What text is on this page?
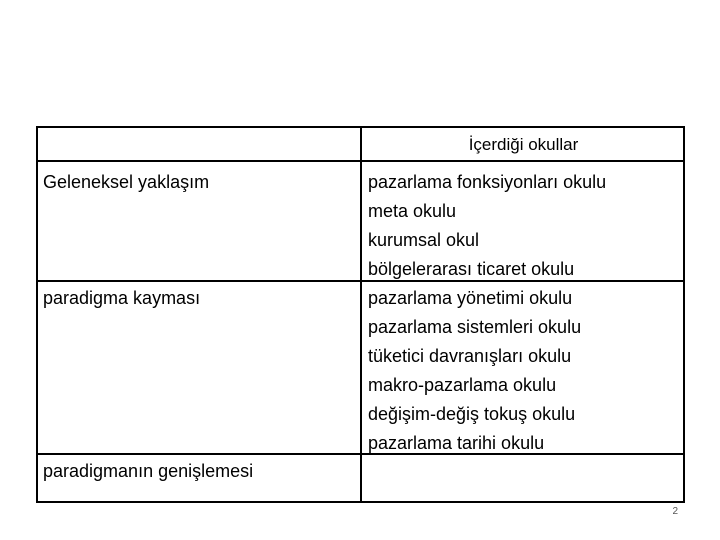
İçerdiği okullar
Geleneksel yaklaşım	pazarlama fonksiyonları okulu
meta okulu
kurumsal okul
bölgelerarası ticaret okulu
paradigma kayması	pazarlama yönetimi okulu
pazarlama sistemleri okulu
tüketici davranışları okulu
makro-pazarlama okulu
değişim-değiş tokuş okulu
pazarlama tarihi okulu
paradigmanın genişlemesi
2
